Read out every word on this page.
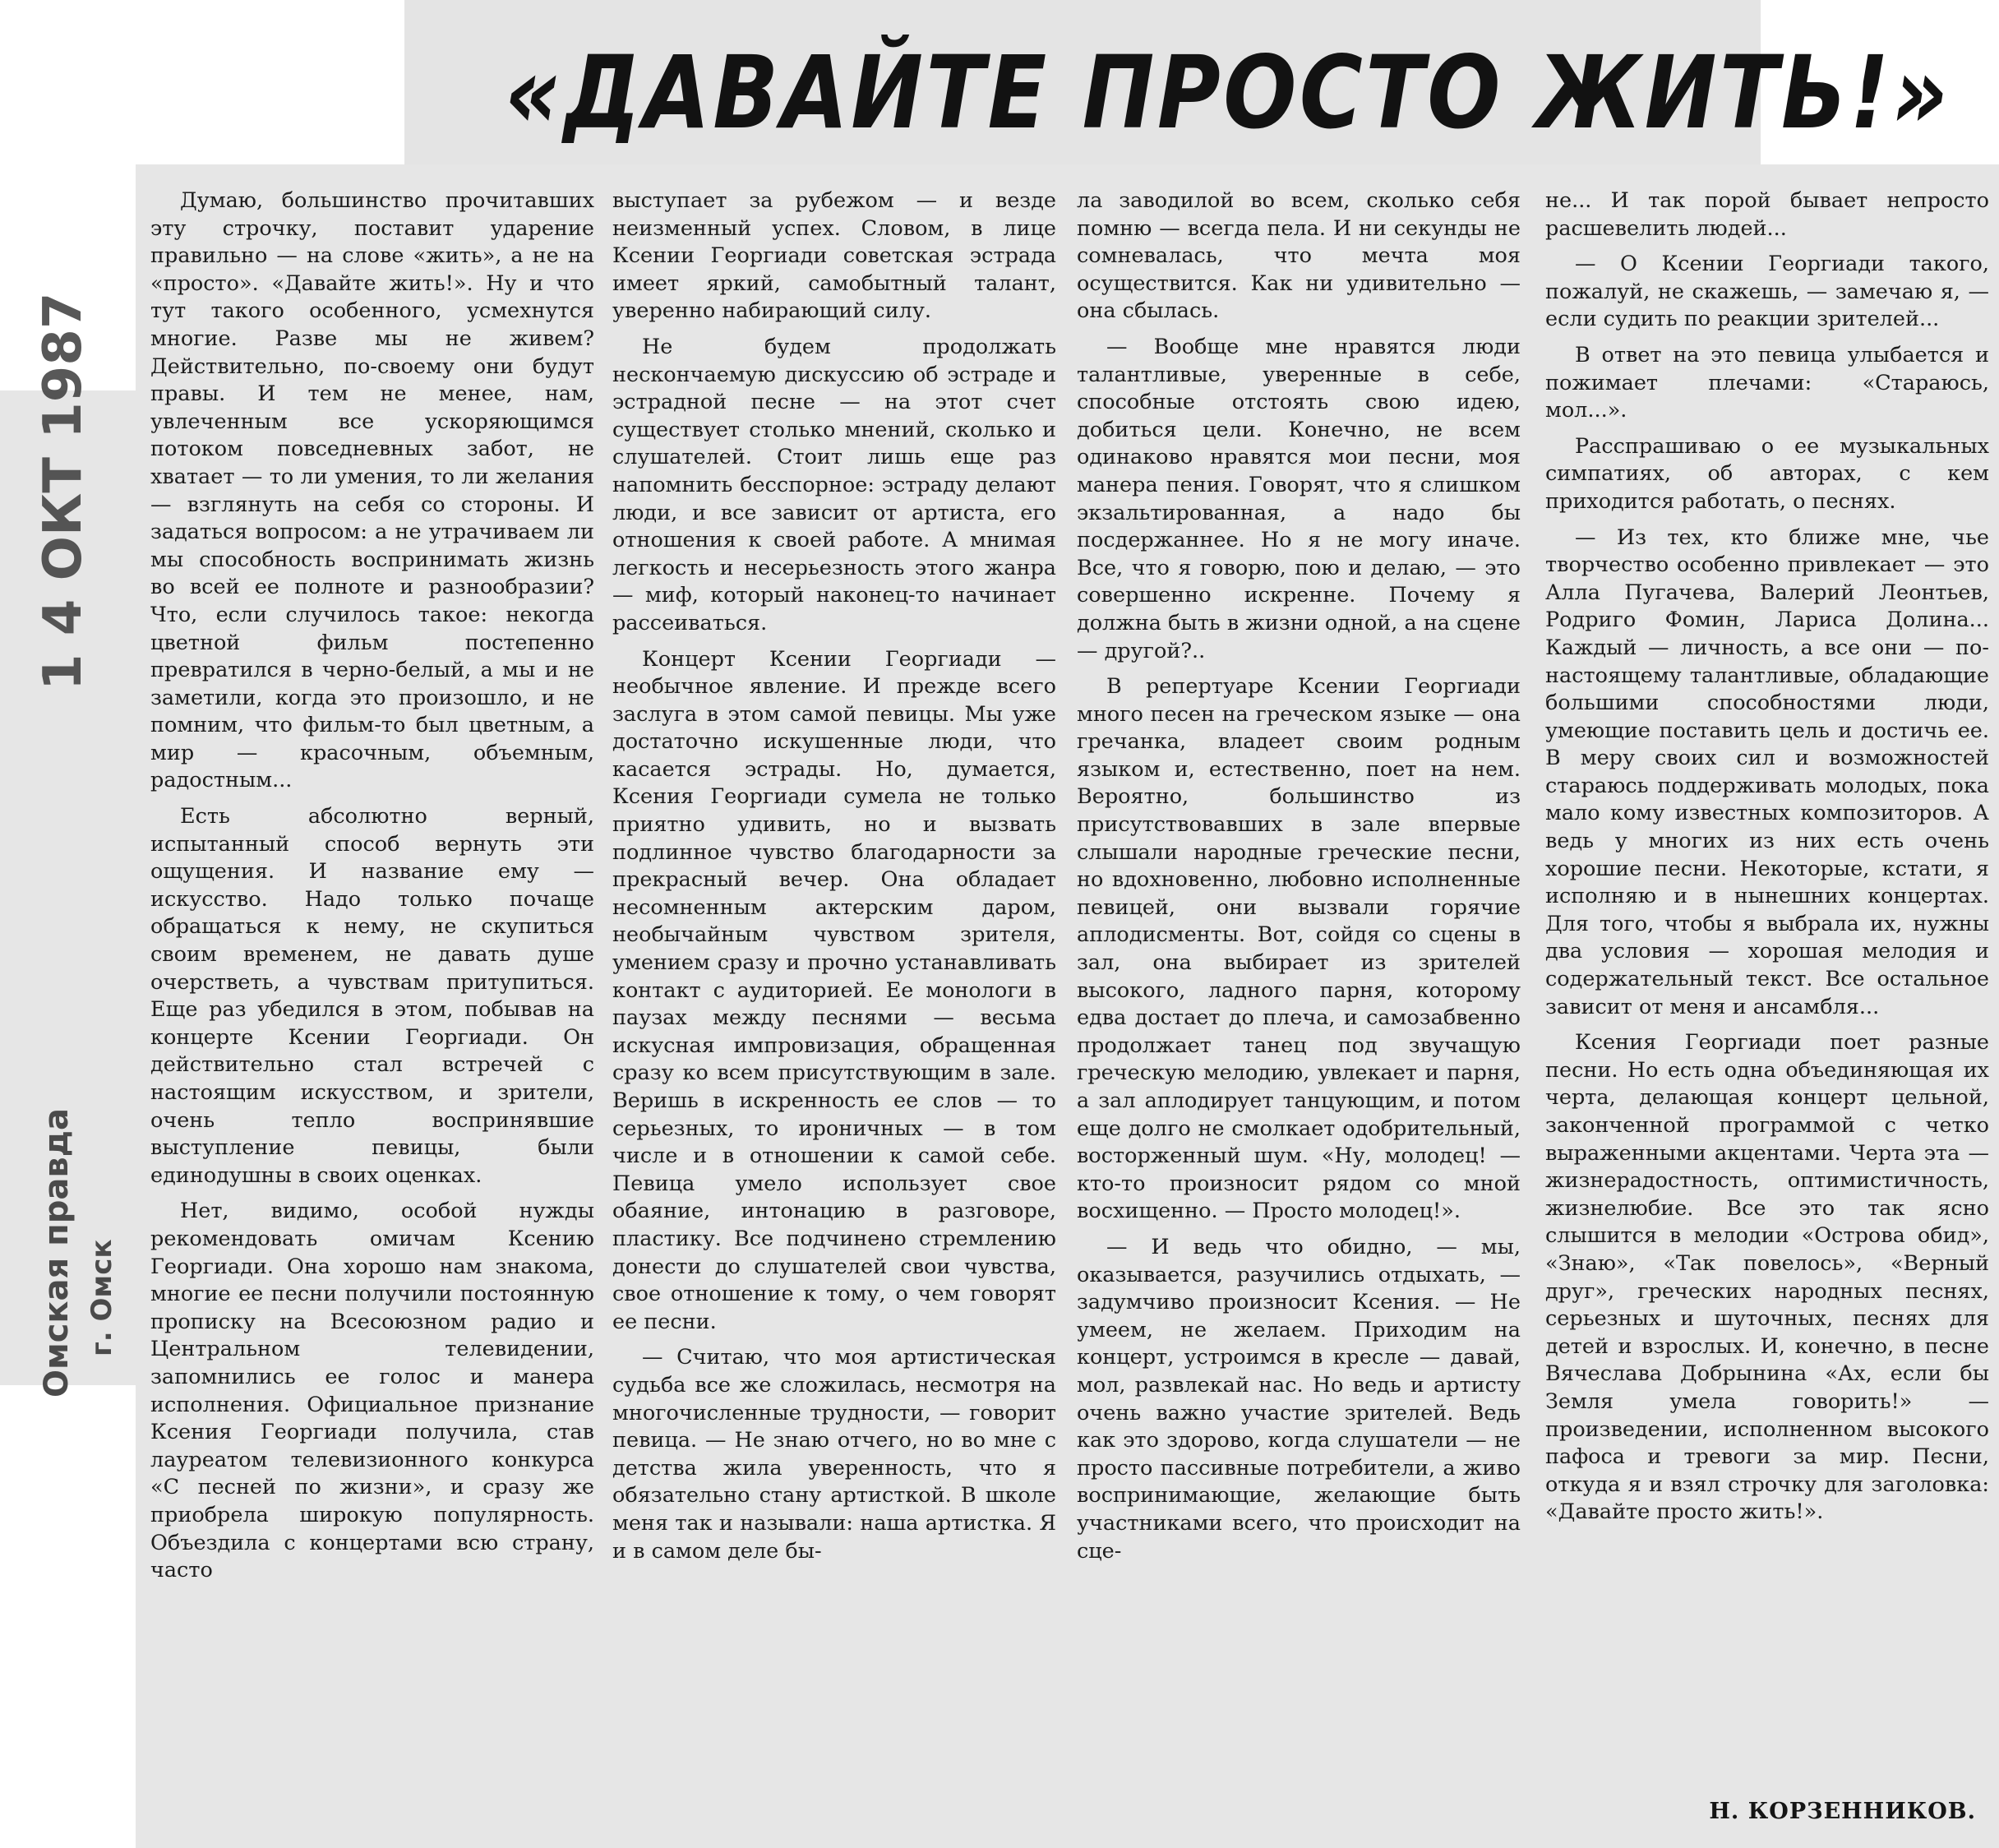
«ДАВАЙТЕ ПРОСТО ЖИТЬ!»
1 4 ОКТ 1987
Омская правда г. Омск

Думаю, большинство прочитавших эту строчку, поставит ударение правильно — на слове «жить», а не на «просто». «Давайте жить!». Ну и что тут такого особенного, усмехнутся многие. Разве мы не живем? Действительно, по-своему они будут правы. И тем не менее, нам, увлеченным все ускоряющимся потоком повседневных забот, не хватает — то ли умения, то ли желания — взглянуть на себя со стороны. И задаться вопросом: а не утрачиваем ли мы способность воспринимать жизнь во всей ее полноте и разнообразии? Что, если случилось такое: некогда цветной фильм постепенно превратился в черно-белый, а мы и не заметили, когда это произошло, и не помним, что фильм-то был цветным, а мир — красочным, объемным, радостным...

Есть абсолютно верный, испытанный способ вернуть эти ощущения. И название ему — искусство. Надо только почаще обращаться к нему, не скупиться своим временем, не давать душе очерстветь, а чувствам притупиться. Еще раз убедился в этом, побывав на концерте Ксении Георгиади. Он действительно стал встречей с настоящим искусством, и зрители, очень тепло воспринявшие выступление певицы, были единодушны в своих оценках.

Нет, видимо, особой нужды рекомендовать омичам Ксению Георгиади. Она хорошо нам знакома, многие ее песни получили постоянную прописку на Всесоюзном радио и Центральном телевидении, запомнились ее голос и манера исполнения. Официальное признание Ксения Георгиади получила, став лауреатом телевизионного конкурса «С песней по жизни», и сразу же приобрела широкую популярность. Объездила с концертами всю страну, часто

выступает за рубежом — и везде неизменный успех. Словом, в лице Ксении Георгиади советская эстрада имеет яркий, самобытный талант, уверенно набирающий силу.

Не будем продолжать нескончаемую дискуссию об эстраде и эстрадной песне — на этот счет существует столько мнений, сколько и слушателей. Стоит лишь еще раз напомнить бесспорное: эстраду делают люди, и все зависит от артиста, его отношения к своей работе. А мнимая легкость и несерьезность этого жанра — миф, который наконец-то начинает рассеиваться.

Концерт Ксении Георгиади — необычное явление. И прежде всего заслуга в этом самой певицы. Мы уже достаточно искушенные люди, что касается эстрады. Но, думается, Ксения Георгиади сумела не только приятно удивить, но и вызвать подлинное чувство благодарности за прекрасный вечер. Она обладает несомненным актерским даром, необычайным чувством зрителя, умением сразу и прочно устанавливать контакт с аудиторией. Ее монологи в паузах между песнями — весьма искусная импровизация, обращенная сразу ко всем присутствующим в зале. Веришь в искренность ее слов — то серьезных, то ироничных — в том числе и в отношении к самой себе. Певица умело использует свое обаяние, интонацию в разговоре, пластику. Все подчинено стремлению донести до слушателей свои чувства, свое отношение к тому, о чем говорят ее песни.

— Считаю, что моя артистическая судьба все же сложилась, несмотря на многочисленные трудности, — говорит певица. — Не знаю отчего, но во мне с детства жила уверенность, что я обязательно стану артисткой. В школе меня так и называли: наша артистка. Я и в самом деле бы-

ла заводилой во всем, сколько себя помню — всегда пела. И ни секунды не сомневалась, что мечта моя осуществится. Как ни удивительно — она сбылась.

— Вообще мне нравятся люди талантливые, уверенные в себе, способные отстоять свою идею, добиться цели. Конечно, не всем одинаково нравятся мои песни, моя манера пения. Говорят, что я слишком экзальтированная, а надо бы посдержаннее. Но я не могу иначе. Все, что я говорю, пою и делаю, — это совершенно искренне. Почему я должна быть в жизни одной, а на сцене — другой?..

В репертуаре Ксении Георгиади много песен на греческом языке — она гречанка, владеет своим родным языком и, естественно, поет на нем. Вероятно, большинство из присутствовавших в зале впервые слышали народные греческие песни, но вдохновенно, любовно исполненные певицей, они вызвали горячие аплодисменты. Вот, сойдя со сцены в зал, она выбирает из зрителей высокого, ладного парня, которому едва достает до плеча, и самозабвенно продолжает танец под звучащую греческую мелодию, увлекает и парня, а зал аплодирует танцующим, и потом еще долго не смолкает одобрительный, восторженный шум. «Ну, молодец! — кто-то произносит рядом со мной восхищенно. — Просто молодец!».

— И ведь что обидно, — мы, оказывается, разучились отдыхать, — задумчиво произносит Ксения. — Не умеем, не желаем. Приходим на концерт, устроимся в кресле — давай, мол, развлекай нас. Но ведь и артисту очень важно участие зрителей. Ведь как это здорово, когда слушатели — не просто пассивные потребители, а живо воспринимающие, желающие быть участниками всего, что происходит на сце-

не... И так порой бывает непросто расшевелить людей...

— О Ксении Георгиади такого, пожалуй, не скажешь, — замечаю я, — если судить по реакции зрителей...

В ответ на это певица улыбается и пожимает плечами: «Стараюсь, мол...».

Расспрашиваю о ее музыкальных симпатиях, об авторах, с кем приходится работать, о песнях.

— Из тех, кто ближе мне, чье творчество особенно привлекает — это Алла Пугачева, Валерий Леонтьев, Родриго Фомин, Лариса Долина... Каждый — личность, а все они — по-настоящему талантливые, обладающие большими способностями люди, умеющие поставить цель и достичь ее. В меру своих сил и возможностей стараюсь поддерживать молодых, пока мало кому известных композиторов. А ведь у многих из них есть очень хорошие песни. Некоторые, кстати, я исполняю и в нынешних концертах. Для того, чтобы я выбрала их, нужны два условия — хорошая мелодия и содержательный текст. Все остальное зависит от меня и ансамбля...

Ксения Георгиади поет разные песни. Но есть одна объединяющая их черта, делающая концерт цельной, законченной программой с четко выраженными акцентами. Черта эта — жизнерадостность, оптимистичность, жизнелюбие. Все это так ясно слышится в мелодии «Острова обид», «Знаю», «Так повелось», «Верный друг», греческих народных песнях, серьезных и шуточных, песнях для детей и взрослых. И, конечно, в песне Вячеслава Добрынина «Ах, если бы Земля умела говорить!» — произведении, исполненном высокого пафоса и тревоги за мир. Песни, откуда я и взял строчку для заголовка: «Давайте просто жить!».

Н. КОРЗЕННИКОВ.
